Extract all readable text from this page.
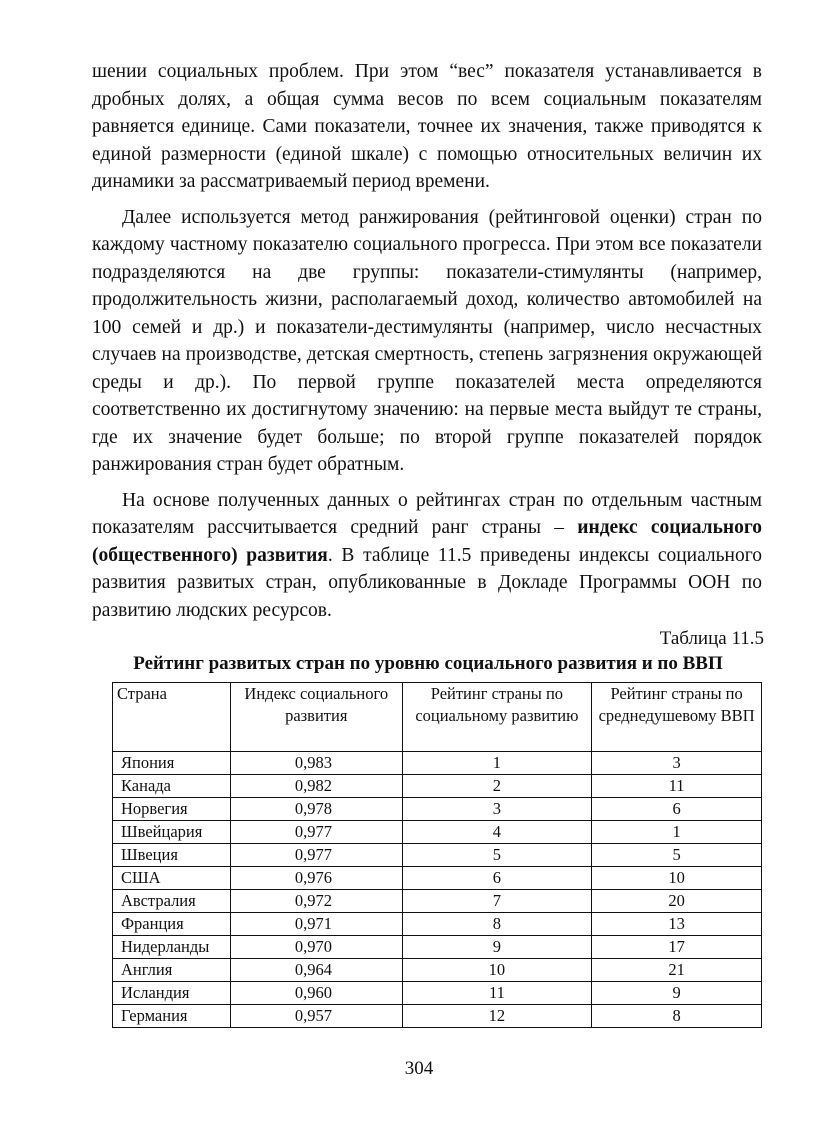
шении социальных проблем. При этом “вес” показателя устанавливается в дробных долях, а общая сумма весов по всем социальным показателям равняется единице. Сами показатели, точнее их значения, также приводятся к единой размерности (единой шкале) с помощью относительных величин их динамики за рассматриваемый период времени.

Далее используется метод ранжирования (рейтинговой оценки) стран по каждому частному показателю социального прогресса. При этом все показатели подразделяются на две группы: показатели-стимулянты (например, продолжительность жизни, располагаемый доход, количество автомобилей на 100 семей и др.) и показатели-дестимулянты (например, число несчастных случаев на производстве, детская смертность, степень загрязнения окружающей среды и др.). По первой группе показателей места определяются соответственно их достигнутому значению: на первые места выйдут те страны, где их значение будет больше; по второй группе показателей порядок ранжирования стран будет обратным.

На основе полученных данных о рейтингах стран по отдельным частным показателям рассчитывается средний ранг страны – индекс социального (общественного) развития. В таблице 11.5 приведены индексы социального развития развитых стран, опубликованные в Докладе Программы ООН по развитию людских ресурсов.

Таблица 11.5
Рейтинг развитых стран по уровню социального развития и по ВВП
Страна	Индекс социального развития	Рейтинг страны по социальному развитию	Рейтинг страны по среднедушевому ВВП
Япония	0,983	1	3
Канада	0,982	2	11
Норвегия	0,978	3	6
Швейцария	0,977	4	1
Швеция	0,977	5	5
США	0,976	6	10
Австралия	0,972	7	20
Франция	0,971	8	13
Нидерланды	0,970	9	17
Англия	0,964	10	21
Исландия	0,960	11	9
Германия	0,957	12	8
304
